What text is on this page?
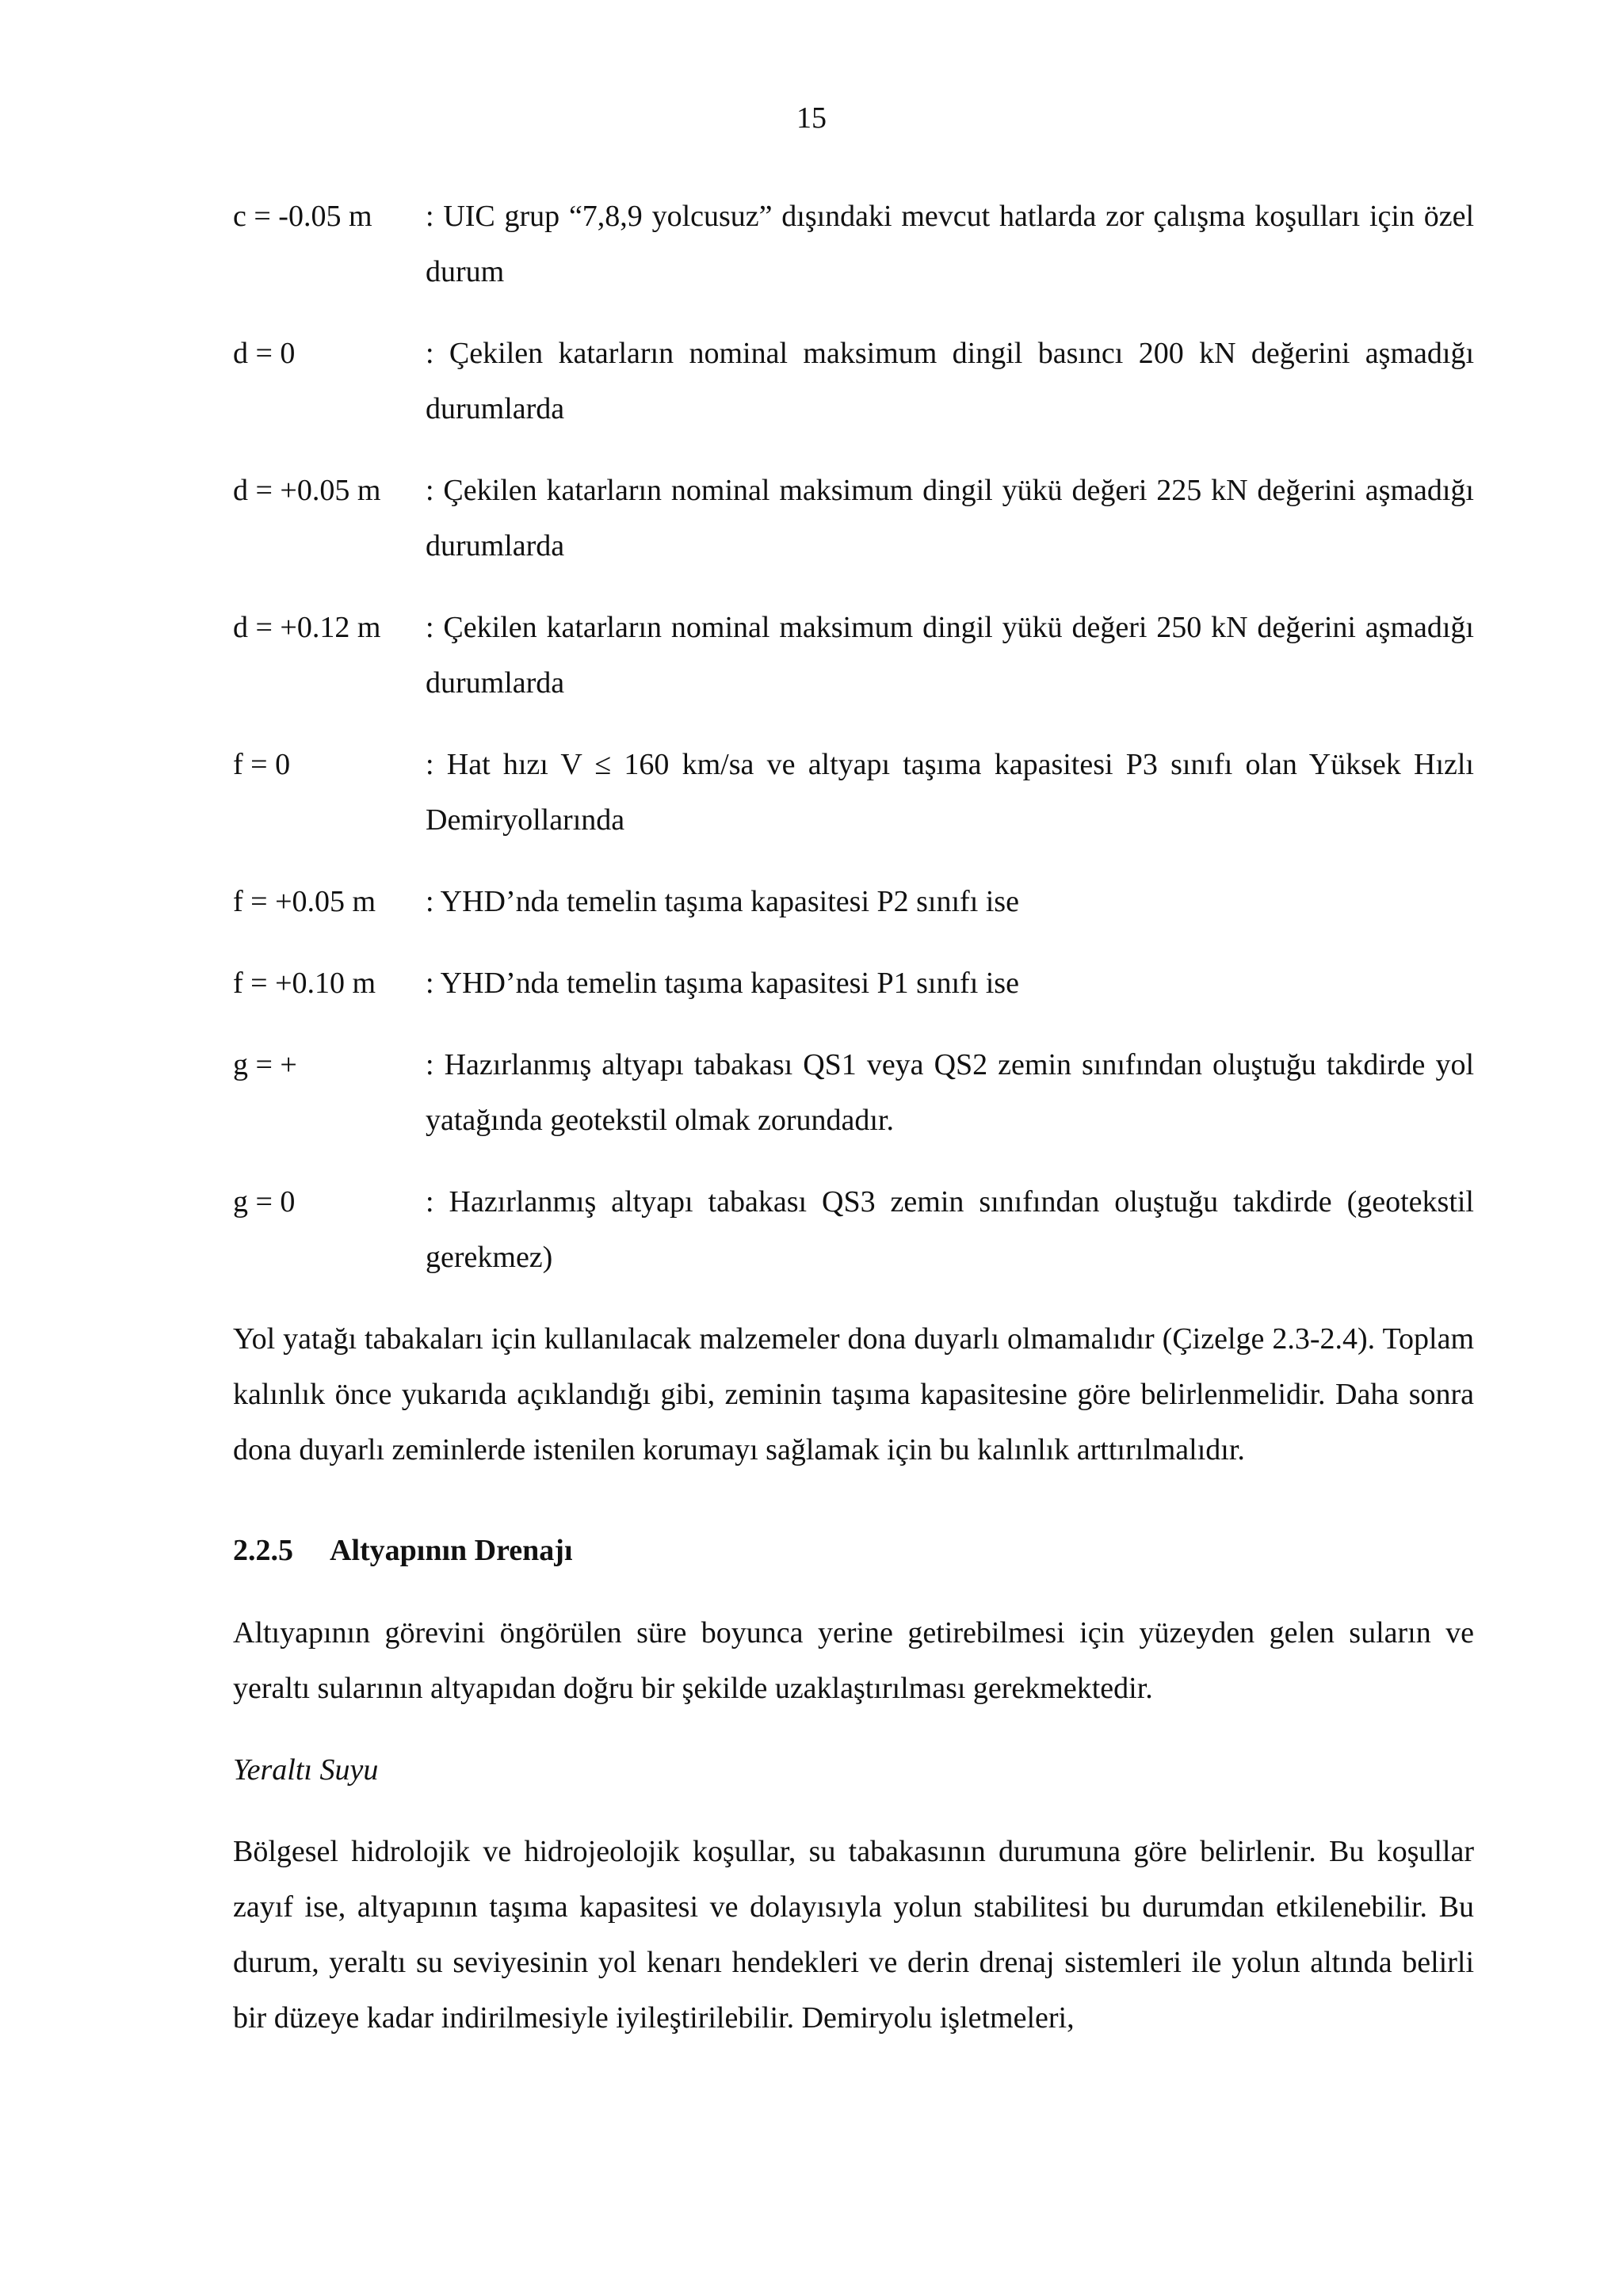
15
c = -0.05 m	: UIC grup “7,8,9 yolcusuz” dışındaki mevcut hatlarda zor çalışma koşulları için özel durum
d = 0	: Çekilen katarların nominal maksimum dingil basıncı 200 kN değerini aşmadığı durumlarda
d = +0.05 m	: Çekilen katarların nominal maksimum dingil yükü değeri 225 kN değerini aşmadığı durumlarda
d = +0.12 m	: Çekilen katarların nominal maksimum dingil yükü değeri 250 kN değerini aşmadığı durumlarda
f = 0	: Hat hızı V ≤ 160 km/sa ve altyapı taşıma kapasitesi P3 sınıfı olan Yüksek Hızlı Demiryollarında
f = +0.05 m	: YHD’nda temelin taşıma kapasitesi P2 sınıfı ise
f = +0.10 m	: YHD’nda temelin taşıma kapasitesi P1 sınıfı ise
g = +	: Hazırlanmış altyapı tabakası QS1 veya QS2 zemin sınıfından oluştuğu takdirde yol yatağında geotekstil olmak zorundadır.
g = 0	: Hazırlanmış altyapı tabakası QS3 zemin sınıfından oluştuğu takdirde (geotekstil gerekmez)

Yol yatağı tabakaları için kullanılacak malzemeler dona duyarlı olmamalıdır (Çizelge 2.3-2.4). Toplam kalınlık önce yukarıda açıklandığı gibi, zeminin taşıma kapasitesine göre belirlenmelidir. Daha sonra dona duyarlı zeminlerde istenilen korumayı sağlamak için bu kalınlık arttırılmalıdır.

2.2.5	Altyapının Drenajı

Altıyapının görevini öngörülen süre boyunca yerine getirebilmesi için yüzeyden gelen suların ve yeraltı sularının altyapıdan doğru bir şekilde uzaklaştırılması gerekmektedir.

Yeraltı Suyu

Bölgesel hidrolojik ve hidrojeolojik koşullar, su tabakasının durumuna göre belirlenir. Bu koşullar zayıf ise, altyapının taşıma kapasitesi ve dolayısıyla yolun stabilitesi bu durumdan etkilenebilir. Bu durum, yeraltı su seviyesinin yol kenarı hendekleri ve derin drenaj sistemleri ile yolun altında belirli bir düzeye kadar indirilmesiyle iyileştirilebilir. Demiryolu işletmeleri,
